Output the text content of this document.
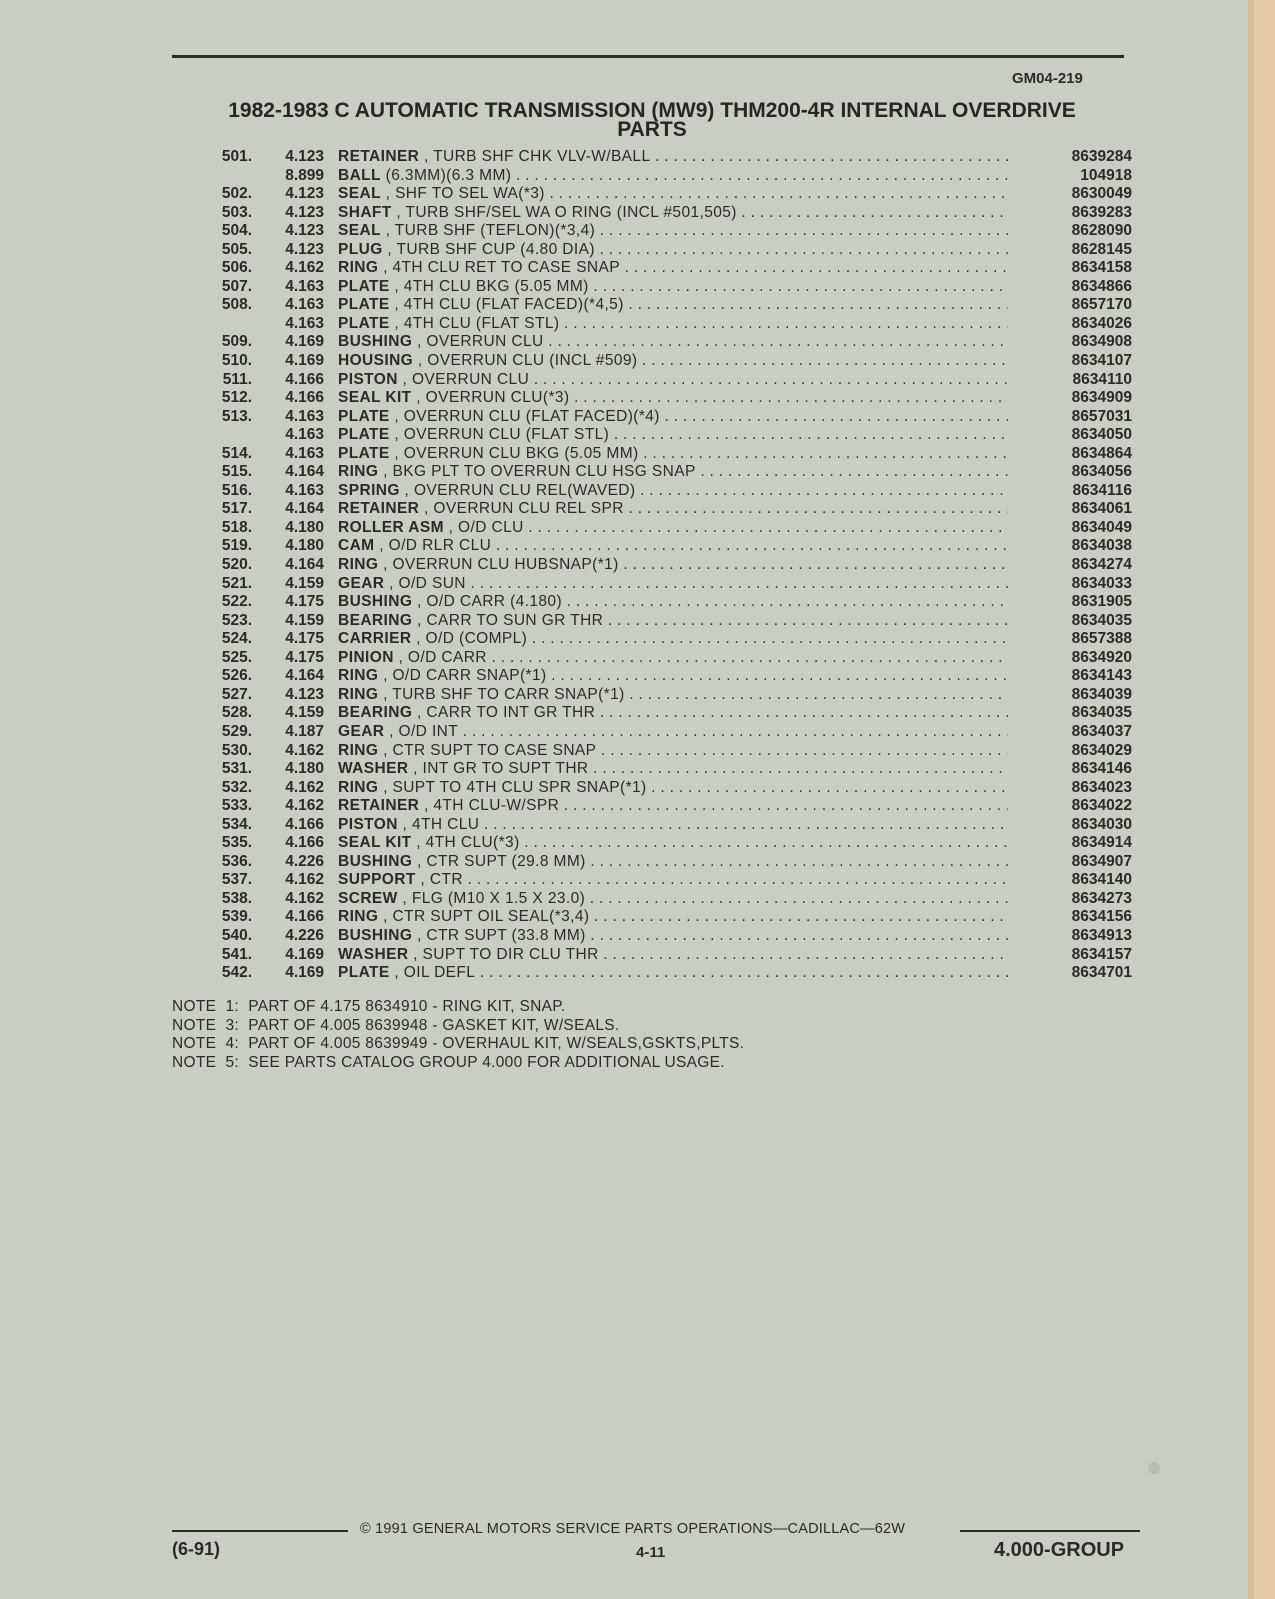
GM04-219
1982-1983 C AUTOMATIC TRANSMISSION (MW9) THM200-4R INTERNAL OVERDRIVE
PARTS
501.	4.123 RETAINER , TURB SHF CHK VLV-W/BALL . . .	8639284
8.899 BALL (6.3MM)(6.3 MM) . . .	104918
502.	4.123 SEAL , SHF TO SEL WA(*3) . . .	8630049
503.	4.123 SHAFT , TURB SHF/SEL WA O RING (INCL #501,505) . . .	8639283
504.	4.123 SEAL , TURB SHF (TEFLON)(*3,4) . . .	8628090
505.	4.123 PLUG , TURB SHF CUP (4.80 DIA) . . .	8628145
506.	4.162 RING , 4TH CLU RET TO CASE SNAP . . .	8634158
507.	4.163 PLATE , 4TH CLU BKG (5.05 MM) . . .	8634866
508.	4.163 PLATE , 4TH CLU (FLAT FACED)(*4,5) . . .	8657170
4.163 PLATE , 4TH CLU (FLAT STL) . . .	8634026
509.	4.169 BUSHING , OVERRUN CLU . . .	8634908
510.	4.169 HOUSING , OVERRUN CLU (INCL #509) . . .	8634107
511.	4.166 PISTON , OVERRUN CLU . . .	8634110
512.	4.166 SEAL KIT , OVERRUN CLU(*3) . . .	8634909
513.	4.163 PLATE , OVERRUN CLU (FLAT FACED)(*4) . . .	8657031
4.163 PLATE , OVERRUN CLU (FLAT STL) . . .	8634050
514.	4.163 PLATE , OVERRUN CLU BKG (5.05 MM) . . .	8634864
515.	4.164 RING , BKG PLT TO OVERRUN CLU HSG SNAP . . .	8634056
516.	4.163 SPRING , OVERRUN CLU REL(WAVED) . . .	8634116
517.	4.164 RETAINER , OVERRUN CLU REL SPR . . .	8634061
518.	4.180 ROLLER ASM , O/D CLU . . .	8634049
519.	4.180 CAM , O/D RLR CLU . . .	8634038
520.	4.164 RING , OVERRUN CLU HUBSNAP(*1) . . .	8634274
521.	4.159 GEAR , O/D SUN . . .	8634033
522.	4.175 BUSHING , O/D CARR (4.180) . . .	8631905
523.	4.159 BEARING , CARR TO SUN GR THR . . .	8634035
524.	4.175 CARRIER , O/D (COMPL) . . .	8657388
525.	4.175 PINION , O/D CARR . . .	8634920
526.	4.164 RING , O/D CARR SNAP(*1) . . .	8634143
527.	4.123 RING , TURB SHF TO CARR SNAP(*1) . . .	8634039
528.	4.159 BEARING , CARR TO INT GR THR . . .	8634035
529.	4.187 GEAR , O/D INT . . .	8634037
530.	4.162 RING , CTR SUPT TO CASE SNAP . . .	8634029
531.	4.180 WASHER , INT GR TO SUPT THR . . .	8634146
532.	4.162 RING , SUPT TO 4TH CLU SPR SNAP(*1) . . .	8634023
533.	4.162 RETAINER , 4TH CLU-W/SPR . . .	8634022
534.	4.166 PISTON , 4TH CLU . . .	8634030
535.	4.166 SEAL KIT , 4TH CLU(*3) . . .	8634914
536.	4.226 BUSHING , CTR SUPT (29.8 MM) . . .	8634907
537.	4.162 SUPPORT , CTR . . .	8634140
538.	4.162 SCREW , FLG (M10 X 1.5 X 23.0) . . .	8634273
539.	4.166 RING , CTR SUPT OIL SEAL(*3,4) . . .	8634156
540.	4.226 BUSHING , CTR SUPT (33.8 MM) . . .	8634913
541.	4.169 WASHER , SUPT TO DIR CLU THR . . .	8634157
542.	4.169 PLATE , OIL DEFL . . .	8634701
NOTE  1:  PART OF 4.175 8634910 - RING KIT, SNAP.
NOTE  3:  PART OF 4.005 8639948 - GASKET KIT, W/SEALS.
NOTE  4:  PART OF 4.005 8639949 - OVERHAUL KIT, W/SEALS,GSKTS,PLTS.
NOTE  5:  SEE PARTS CATALOG GROUP 4.000 FOR ADDITIONAL USAGE.
© 1991 GENERAL MOTORS SERVICE PARTS OPERATIONS—CADILLAC—62W
(6-91)	4-11	4.000-GROUP
